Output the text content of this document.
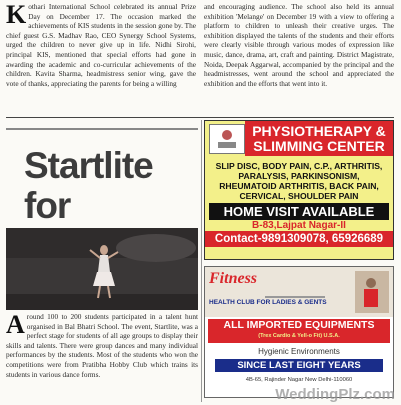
Kothari International School celebrated its annual Prize Day on December 17. The occasion marked the achievements of KIS students in the session gone by. The chief guest G.S. Madhav Rao, CEO Synergy School Systems, urged the children to never give up in life. Nidhi Sirohi, principal KIS, mentioned that special efforts had gone in awarding the academic and co-curricular achievements of the children. Kavita Sharma, headmistress senior wing, gave the vote of thanks, appreciating the parents for being a willing
and encouraging audience. The school also held its annual exhibition 'Melange' on December 19 with a view to offering a platform to children to unleash their creative urges. The exhibition displayed the talents of the students and their efforts were clearly visible through various modes of expression like music, dance, drama, art, craft and painting. District Magistrate, Noida, Deepak Aggarwal, accompanied by the principal and the headmistresses, went around the school and appreciated the exhibition and the efforts that went into it.
Startlite for
Around 100 to 200 students participated in a talent hunt organised in Bal Bhatri School. The event, Startlite, was a perfect stage for students of all age groups to display their skills and talents. There were group dances and many individual performances by the students. Most of the students who won the competitions were from Pratibha Hobby Club which trains its students in various dance forms.
PHYSIOTHERAPY &
SLIMMING CENTER
SLIP DISC, BODY PAIN, C.P., ARTHRITIS, PARALYSIS, PARKINSONISM, RHEUMATOID ARTHRITIS, BACK PAIN, CERVICAL, SHOULDER PAIN
HOME VISIT AVAILABLE
B-83,Lajpat Nagar-II
Contact-9891309078, 65926689
Fitness
HEALTH CLUB FOR LADIES & GENTS
ALL IMPORTED EQUIPMENTS
(Trex Cardio & Yell-o Fit) U.S.A.
Hygienic Environments
SINCE LAST EIGHT YEARS
4B-65, Rajinder Nagar New Delhi-110060
WeddingPlz.com
